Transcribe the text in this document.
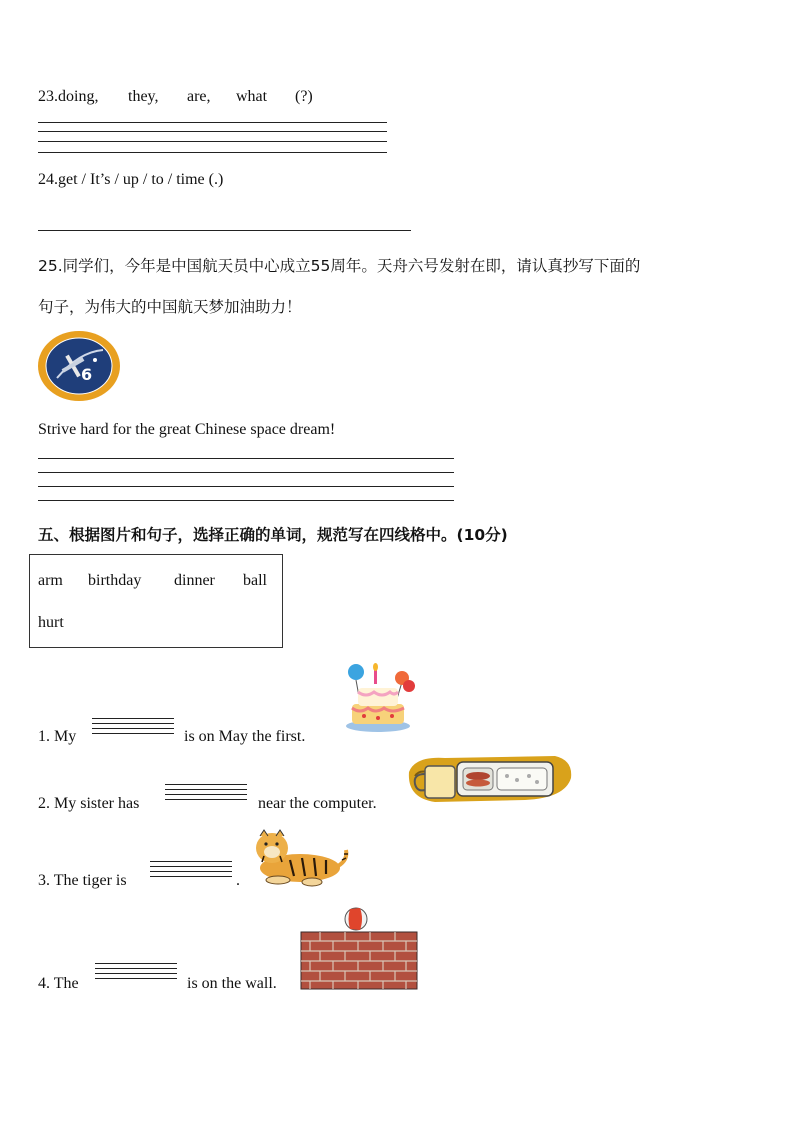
23.doing, they, are, what (?)
24.get / It’s / up / to / time (.)
25.同学们，今年是中国航天员中心成立55周年。天舟六号发射在即，请认真抄写下面的
句子，为伟大的中国航天梦加油助力！
6
Strive hard for the great Chinese space dream!
五、根据图片和句子，选择正确的单词，规范写在四线格中。(10分)
arm birthday dinner ball
hurt
1. My	is on May the first.
2. My sister has	near the computer.
3. The tiger is	.
4. The	is on the wall.
